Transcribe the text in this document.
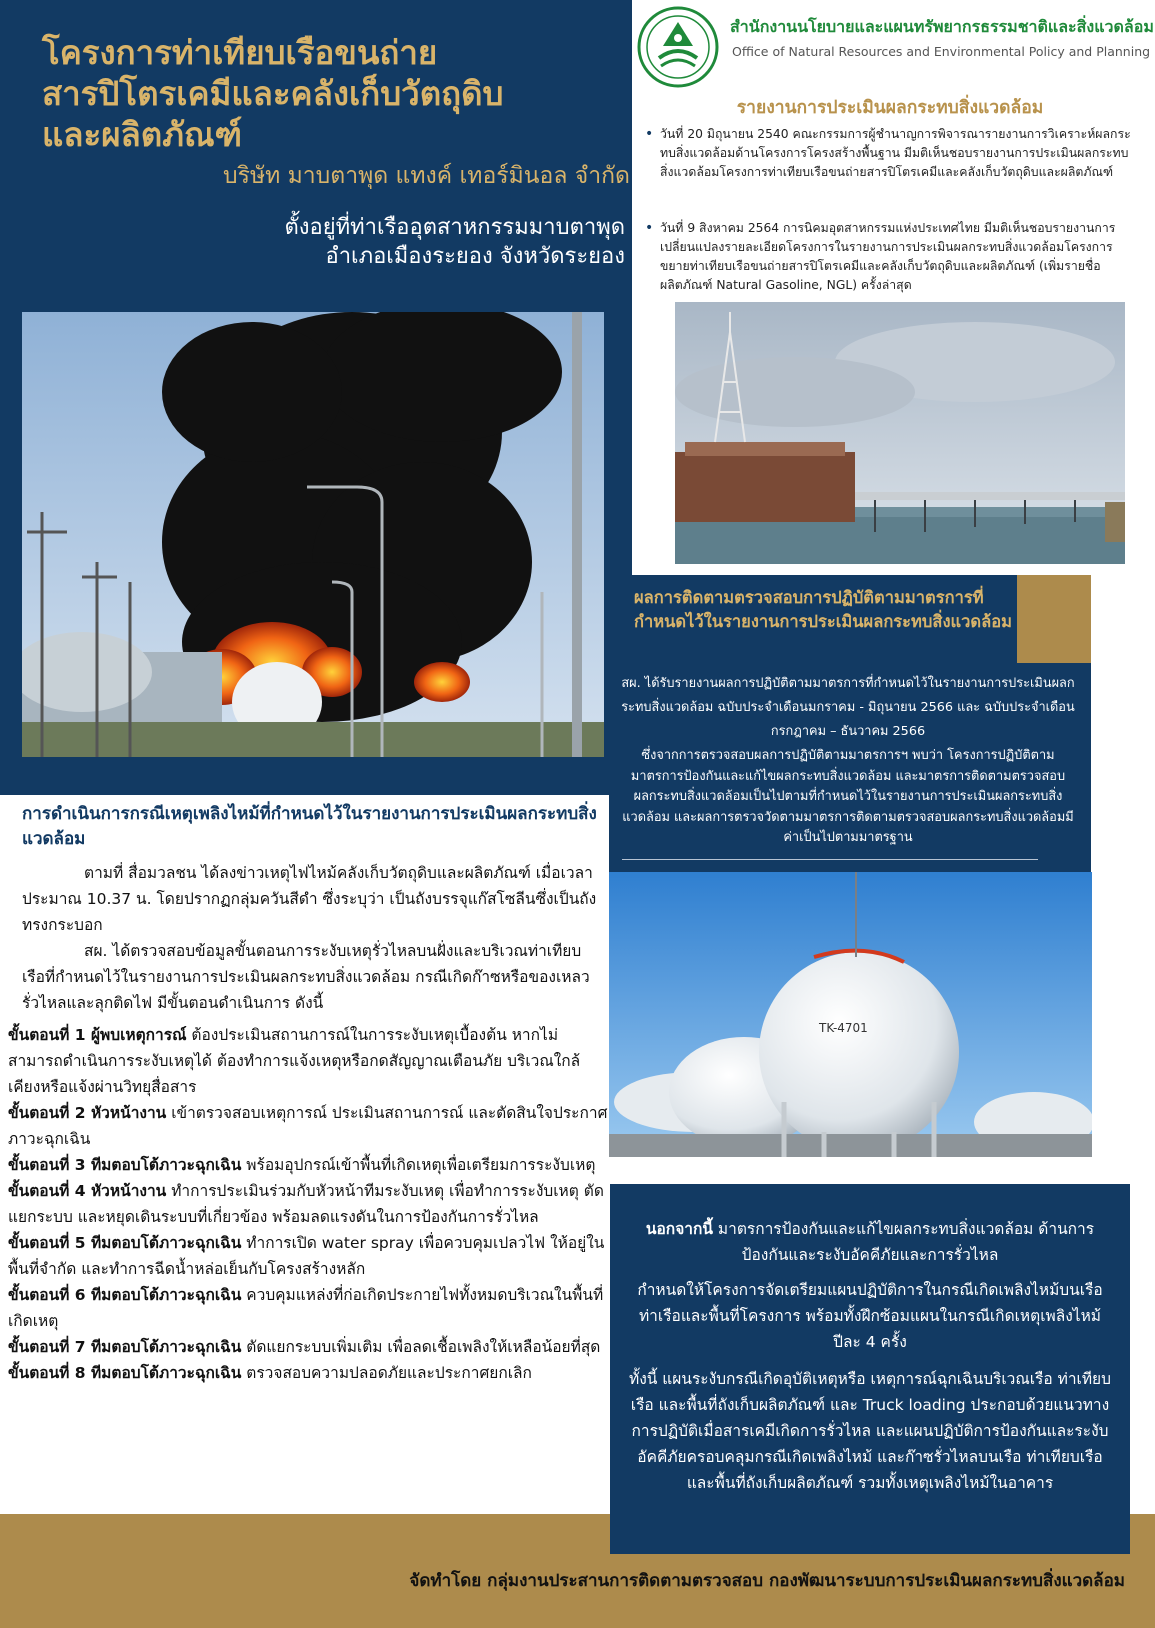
โครงการท่าเทียบเรือขนถ่าย
สารปิโตรเคมีและคลังเก็บวัตถุดิบ
และผลิตภัณฑ์
บริษัท มาบตาพุด แทงค์ เทอร์มินอล จำกัด
ตั้งอยู่ที่ท่าเรืออุตสาหกรรมมาบตาพุด
อำเภอเมืองระยอง จังหวัดระยอง
สำนักงานนโยบายและแผนทรัพยากรธรรมชาติและสิ่งแวดล้อม
Office of Natural Resources and Environmental Policy and Planning
รายงานการประเมินผลกระทบสิ่งแวดล้อม
• วันที่ 20 มิถุนายน 2540 คณะกรรมการผู้ชำนาญการพิจารณารายงานการวิเคราะห์ผลกระทบสิ่งแวดล้อมด้านโครงการโครงสร้างพื้นฐาน มีมติเห็นชอบรายงานการประเมินผลกระทบสิ่งแวดล้อมโครงการท่าเทียบเรือขนถ่ายสารปิโตรเคมีและคลังเก็บวัตถุดิบและผลิตภัณฑ์
• วันที่ 9 สิงหาคม 2564 การนิคมอุตสาหกรรมแห่งประเทศไทย มีมติเห็นชอบรายงานการเปลี่ยนแปลงรายละเอียดโครงการในรายงานการประเมินผลกระทบสิ่งแวดล้อมโครงการขยายท่าเทียบเรือขนถ่ายสารปิโตรเคมีและคลังเก็บวัตถุดิบและผลิตภัณฑ์ (เพิ่มรายชื่อผลิตภัณฑ์ Natural Gasoline, NGL) ครั้งล่าสุด
ผลการติดตามตรวจสอบการปฏิบัติตามมาตรการที่กำหนดไว้ในรายงานการประเมินผลกระทบสิ่งแวดล้อม

สผ. ได้รับรายงานผลการปฏิบัติตามมาตรการที่กำหนดไว้ในรายงานการประเมินผลกระทบสิ่งแวดล้อม ฉบับประจำเดือนมกราคม - มิถุนายน 2566 และ ฉบับประจำเดือนกรกฎาคม – ธันวาคม 2566

ซึ่งจากการตรวจสอบผลการปฏิบัติตามมาตรการฯ พบว่า โครงการปฏิบัติตามมาตรการป้องกันและแก้ไขผลกระทบสิ่งแวดล้อม และมาตรการติดตามตรวจสอบผลกระทบสิ่งแวดล้อมเป็นไปตามที่กำหนดไว้ในรายงานการประเมินผลกระทบสิ่งแวดล้อม และผลการตรวจวัดตามมาตรการติดตามตรวจสอบผลกระทบสิ่งแวดล้อมมีค่าเป็นไปตามมาตรฐาน

TK-4701
การดำเนินการกรณีเหตุเพลิงไหม้ที่กำหนดไว้ในรายงานการประเมินผลกระทบสิ่งแวดล้อม

ตามที่ สื่อมวลชน ได้ลงข่าวเหตุไฟไหม้คลังเก็บวัตถุดิบและผลิตภัณฑ์ เมื่อเวลาประมาณ 10.37 น. โดยปรากฏกลุ่มควันสีดำ ซึ่งระบุว่า เป็นถังบรรจุแก๊สโซลีนซึ่งเป็นถังทรงกระบอก

สผ. ได้ตรวจสอบข้อมูลขั้นตอนการระงับเหตุรั่วไหลบนฝั่งและบริเวณท่าเทียบเรือที่กำหนดไว้ในรายงานการประเมินผลกระทบสิ่งแวดล้อม กรณีเกิดก๊าซหรือของเหลวรั่วไหลและลุกติดไฟ มีขั้นตอนดำเนินการ ดังนี้

ขั้นตอนที่ 1 ผู้พบเหตุการณ์ ต้องประเมินสถานการณ์ในการระงับเหตุเบื้องต้น หากไม่สามารถดำเนินการระงับเหตุได้ ต้องทำการแจ้งเหตุหรือกดสัญญาณเตือนภัย บริเวณใกล้เคียงหรือแจ้งผ่านวิทยุสื่อสาร
ขั้นตอนที่ 2 หัวหน้างาน เข้าตรวจสอบเหตุการณ์ ประเมินสถานการณ์ และตัดสินใจประกาศภาวะฉุกเฉิน
ขั้นตอนที่ 3 ทีมตอบโต้ภาวะฉุกเฉิน พร้อมอุปกรณ์เข้าพื้นที่เกิดเหตุเพื่อเตรียมการระงับเหตุ
ขั้นตอนที่ 4 หัวหน้างาน ทำการประเมินร่วมกับหัวหน้าทีมระงับเหตุ เพื่อทำการระงับเหตุ ตัดแยกระบบ และหยุดเดินระบบที่เกี่ยวข้อง พร้อมลดแรงดันในการป้องกันการรั่วไหล
ขั้นตอนที่ 5 ทีมตอบโต้ภาวะฉุกเฉิน ทำการเปิด water spray เพื่อควบคุมเปลวไฟ ให้อยู่ในพื้นที่จำกัด และทำการฉีดน้ำหล่อเย็นกับโครงสร้างหลัก
ขั้นตอนที่ 6 ทีมตอบโต้ภาวะฉุกเฉิน ควบคุมแหล่งที่ก่อเกิดประกายไฟทั้งหมดบริเวณในพื้นที่เกิดเหตุ
ขั้นตอนที่ 7 ทีมตอบโต้ภาวะฉุกเฉิน ตัดแยกระบบเพิ่มเติม เพื่อลดเชื้อเพลิงให้เหลือน้อยที่สุด
ขั้นตอนที่ 8 ทีมตอบโต้ภาวะฉุกเฉิน ตรวจสอบความปลอดภัยและประกาศยกเลิก
จัดทำโดย กลุ่มงานประสานการติดตามตรวจสอบ กองพัฒนาระบบการประเมินผลกระทบสิ่งแวดล้อม

นอกจากนี้ มาตรการป้องกันและแก้ไขผลกระทบสิ่งแวดล้อม ด้านการป้องกันและระงับอัคคีภัยและการรั่วไหล

กำหนดให้โครงการจัดเตรียมแผนปฏิบัติการในกรณีเกิดเพลิงไหม้บนเรือ ท่าเรือและพื้นที่โครงการ พร้อมทั้งฝึกซ้อมแผนในกรณีเกิดเหตุเพลิงไหม้ ปีละ 4 ครั้ง

ทั้งนี้ แผนระงับกรณีเกิดอุบัติเหตุหรือ เหตุการณ์ฉุกเฉินบริเวณเรือ ท่าเทียบเรือ และพื้นที่ถังเก็บผลิตภัณฑ์ และ Truck loading ประกอบด้วยแนวทางการปฏิบัติเมื่อสารเคมีเกิดการรั่วไหล และแผนปฏิบัติการป้องกันและระงับอัคคีภัยครอบคลุมกรณีเกิดเพลิงไหม้ และก๊าซรั่วไหลบนเรือ ท่าเทียบเรือ และพื้นที่ถังเก็บผลิตภัณฑ์ รวมทั้งเหตุเพลิงไหม้ในอาคาร
